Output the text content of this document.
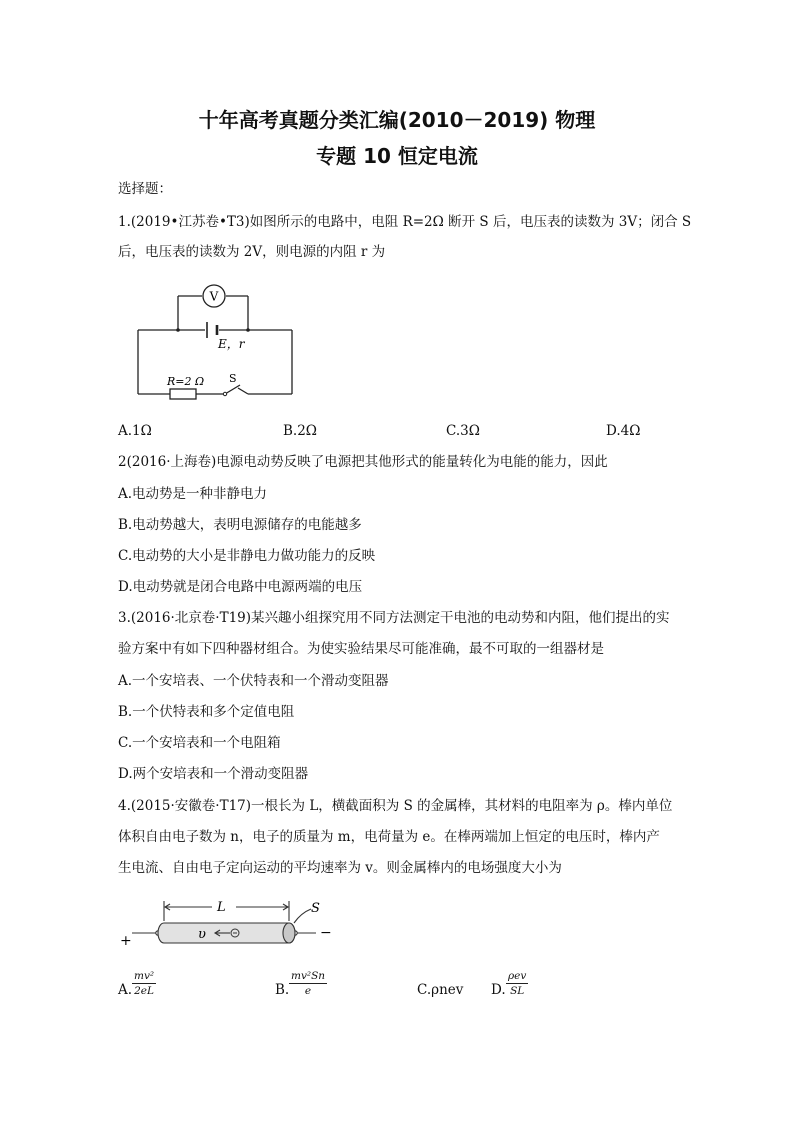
十年高考真题分类汇编(2010－2019) 物理
专题 10 恒定电流
选择题：
1.(2019•江苏卷•T3)如图所示的电路中，电阻 R=2Ω 断开 S 后，电压表的读数为 3V；闭合 S
后，电压表的读数为 2V，则电源的内阻 r 为
V
E，r
R=2 Ω S
A.1Ω	B.2Ω	C.3Ω	D.4Ω
2(2016·上海卷)电源电动势反映了电源把其他形式的能量转化为电能的能力，因此
A.电动势是一种非静电力
B.电动势越大，表明电源储存的电能越多
C.电动势的大小是非静电力做功能力的反映
D.电动势就是闭合电路中电源两端的电压
3.(2016·北京卷·T19)某兴趣小组探究用不同方法测定干电池的电动势和内阻，他们提出的实
验方案中有如下四种器材组合。为使实验结果尽可能准确，最不可取的一组器材是
A.一个安培表、一个伏特表和一个滑动变阻器
B.一个伏特表和多个定值电阻
C.一个安培表和一个电阻箱
D.两个安培表和一个滑动变阻器
4.(2015·安徽卷·T17)一根长为 L，横截面积为 S 的金属棒，其材料的电阻率为 ρ。棒内单位
体积自由电子数为 n，电子的质量为 m，电荷量为 e。在棒两端加上恒定的电压时，棒内产
生电流、自由电子定向运动的平均速率为 v。则金属棒内的电场强度大小为
L	S
υ
+	−
A. $\frac{\text{mv²}}{2eL}$	B. $\frac{\text{mv²Sn}}{e}$	C.ρnev D.
ρev
SL
